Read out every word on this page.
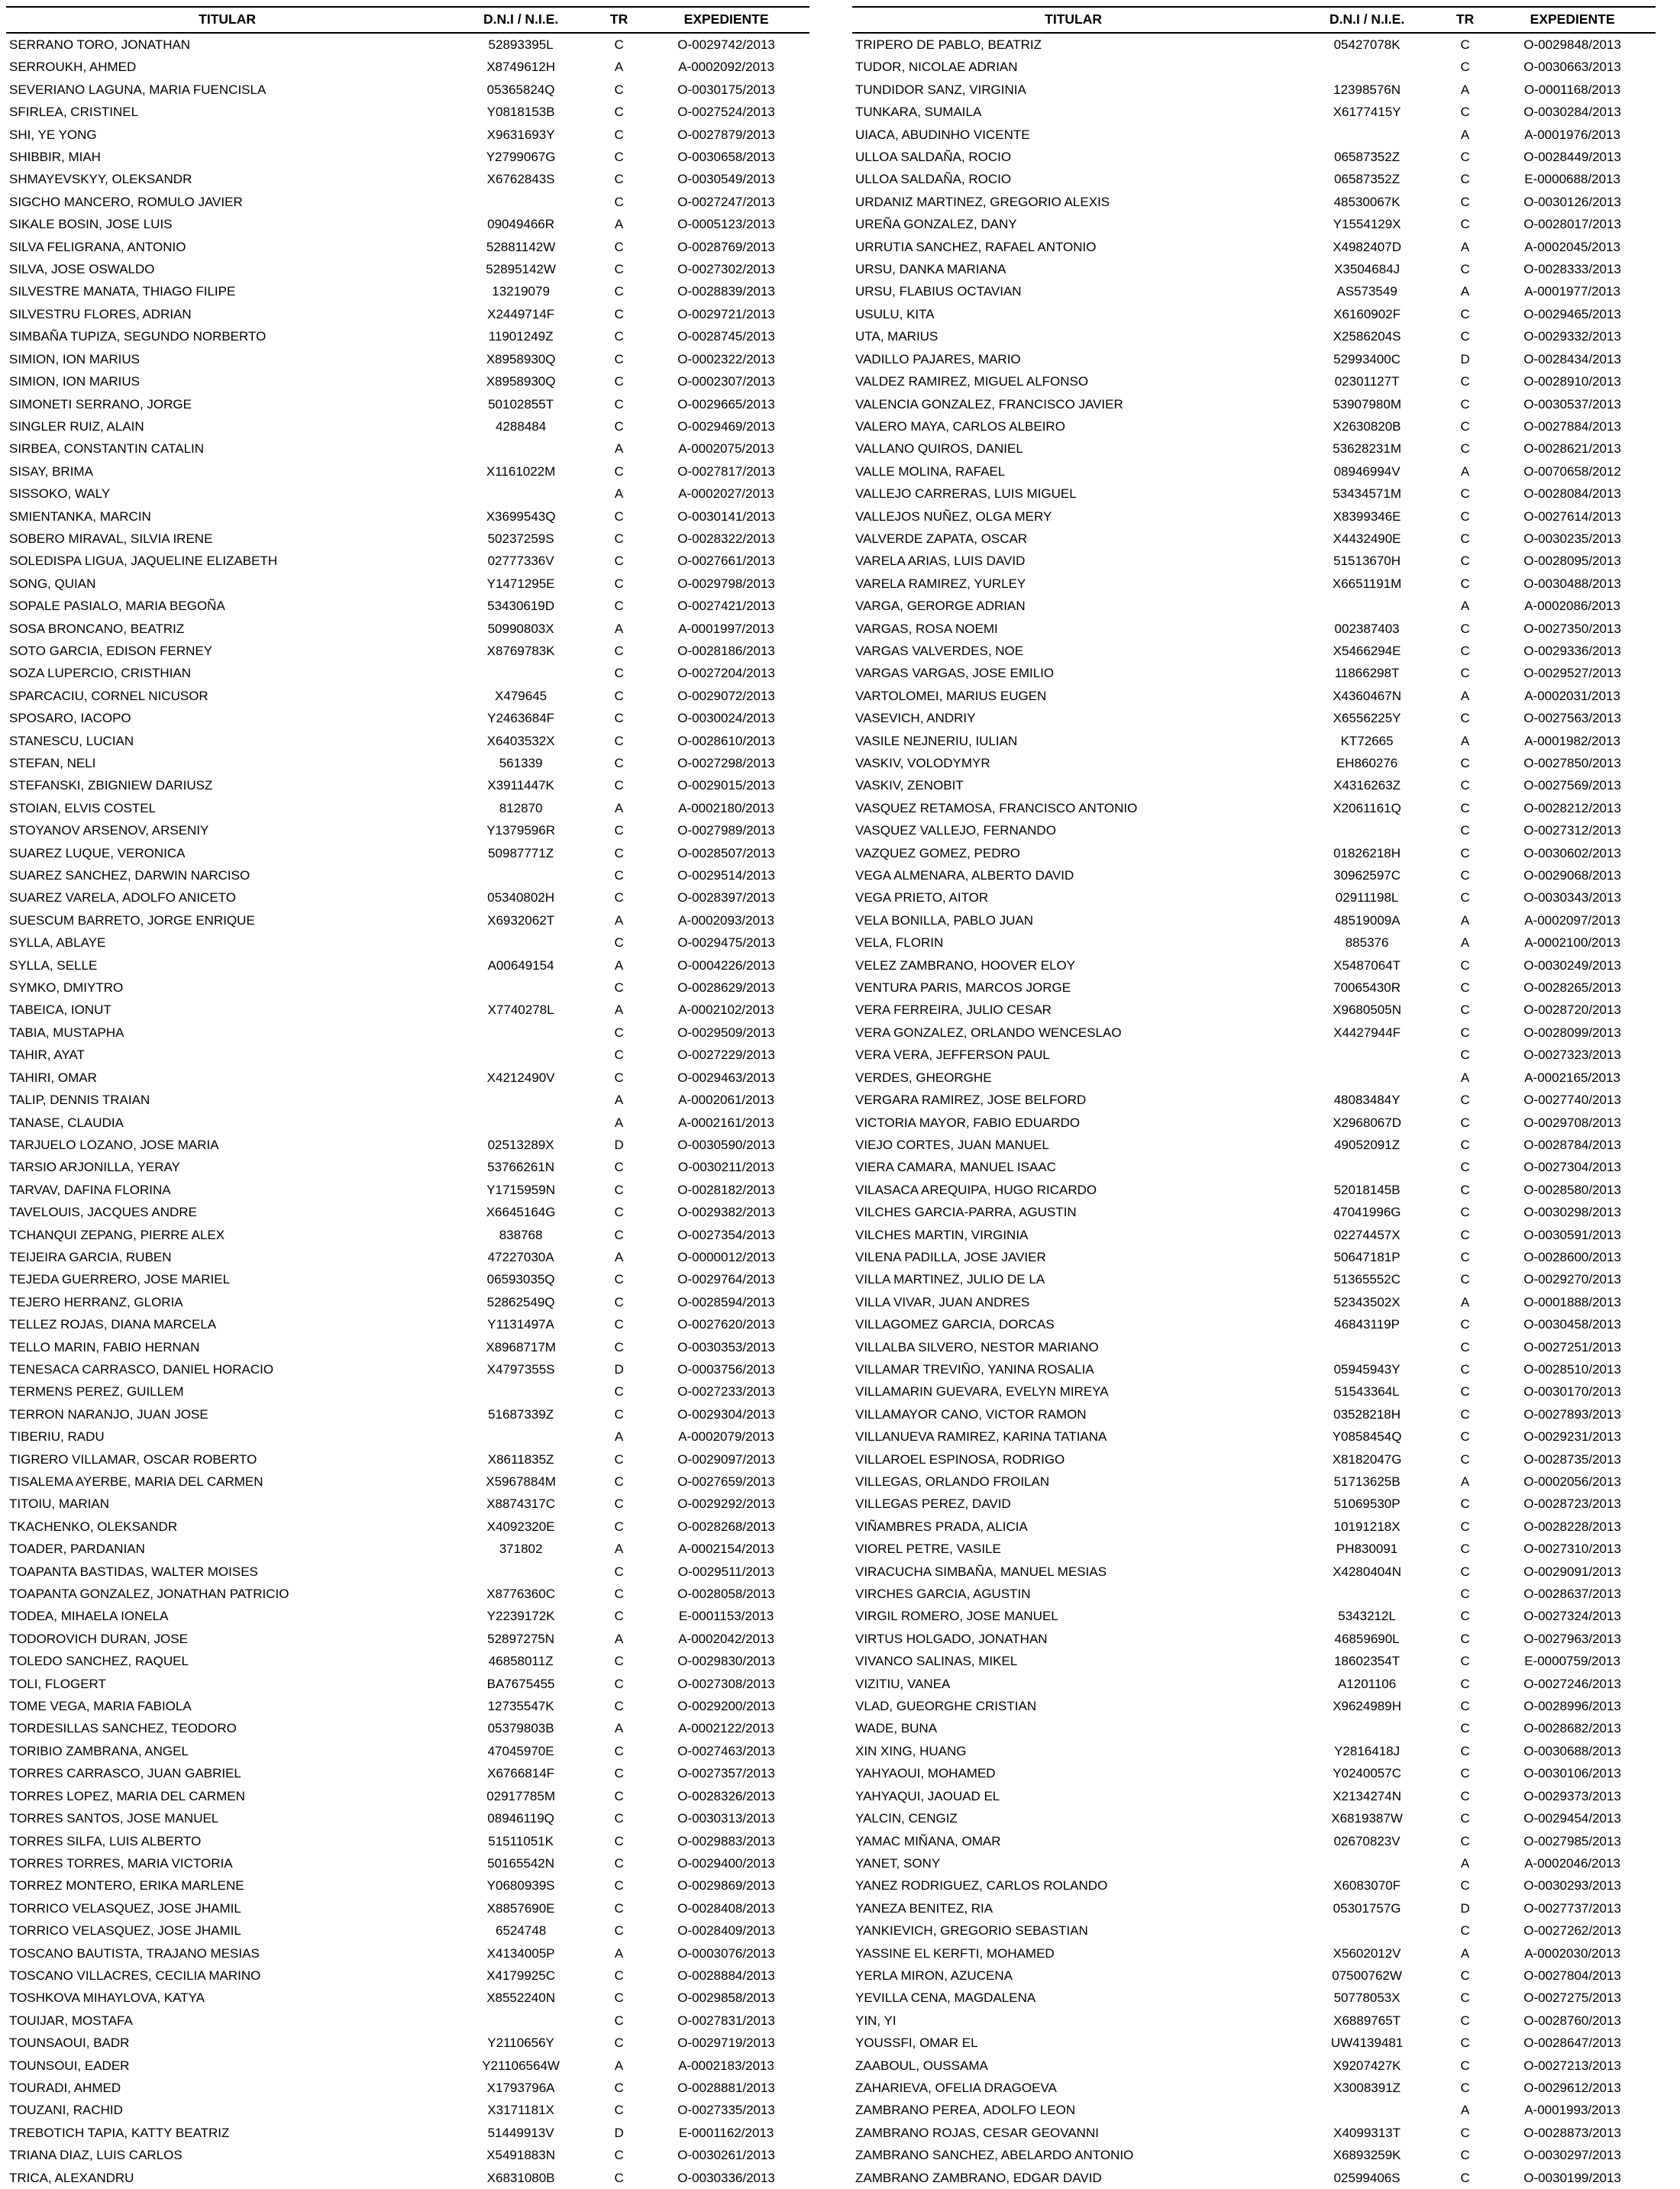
TITULAR	D.N.I / N.I.E.	TR	EXPEDIENTE
SERRANO TORO, JONATHAN	52893395L	C	O-0029742/2013
SERROUKH, AHMED	X8749612H	A	A-0002092/2013
SEVERIANO LAGUNA, MARIA FUENCISLA	05365824Q	C	O-0030175/2013
SFIRLEA, CRISTINEL	Y0818153B	C	O-0027524/2013
SHI, YE YONG	X9631693Y	C	O-0027879/2013
SHIBBIR, MIAH	Y2799067G	C	O-0030658/2013
SHMAYEVSKYY, OLEKSANDR	X6762843S	C	O-0030549/2013
SIGCHO MANCERO, ROMULO JAVIER		C	O-0027247/2013
SIKALE BOSIN, JOSE LUIS	09049466R	A	O-0005123/2013
SILVA FELIGRANA, ANTONIO	52881142W	C	O-0028769/2013
SILVA, JOSE OSWALDO	52895142W	C	O-0027302/2013
SILVESTRE MANATA, THIAGO FILIPE	13219079	C	O-0028839/2013
SILVESTRU FLORES, ADRIAN	X2449714F	C	O-0029721/2013
SIMBAÑA TUPIZA, SEGUNDO NORBERTO	11901249Z	C	O-0028745/2013
SIMION, ION MARIUS	X8958930Q	C	O-0002322/2013
SIMION, ION MARIUS	X8958930Q	C	O-0002307/2013
SIMONETI SERRANO, JORGE	50102855T	C	O-0029665/2013
SINGLER RUIZ, ALAIN	4288484	C	O-0029469/2013
SIRBEA, CONSTANTIN CATALIN		A	A-0002075/2013
SISAY, BRIMA	X1161022M	C	O-0027817/2013
SISSOKO, WALY		A	A-0002027/2013
SMIENTANKA, MARCIN	X3699543Q	C	O-0030141/2013
SOBERO MIRAVAL, SILVIA IRENE	50237259S	C	O-0028322/2013
SOLEDISPA LIGUA, JAQUELINE ELIZABETH	02777336V	C	O-0027661/2013
SONG, QUIAN	Y1471295E	C	O-0029798/2013
SOPALE PASIALO, MARIA BEGOÑA	53430619D	C	O-0027421/2013
SOSA BRONCANO, BEATRIZ	50990803X	A	A-0001997/2013
SOTO GARCIA, EDISON FERNEY	X8769783K	C	O-0028186/2013
SOZA LUPERCIO, CRISTHIAN		C	O-0027204/2013
SPARCACIU, CORNEL NICUSOR	X479645	C	O-0029072/2013
SPOSARO, IACOPO	Y2463684F	C	O-0030024/2013
STANESCU, LUCIAN	X6403532X	C	O-0028610/2013
STEFAN, NELI	561339	C	O-0027298/2013
STEFANSKI, ZBIGNIEW DARIUSZ	X3911447K	C	O-0029015/2013
STOIAN, ELVIS COSTEL	812870	A	A-0002180/2013
STOYANOV ARSENOV, ARSENIY	Y1379596R	C	O-0027989/2013
SUAREZ LUQUE, VERONICA	50987771Z	C	O-0028507/2013
SUAREZ SANCHEZ, DARWIN NARCISO		C	O-0029514/2013
SUAREZ VARELA, ADOLFO ANICETO	05340802H	C	O-0028397/2013
SUESCUM BARRETO, JORGE ENRIQUE	X6932062T	A	A-0002093/2013
SYLLA, ABLAYE		C	O-0029475/2013
SYLLA, SELLE	A00649154	A	O-0004226/2013
SYMKO, DMIYTRO		C	O-0028629/2013
TABEICA, IONUT	X7740278L	A	A-0002102/2013
TABIA, MUSTAPHA		C	O-0029509/2013
TAHIR, AYAT		C	O-0027229/2013
TAHIRI, OMAR	X4212490V	C	O-0029463/2013
TALIP, DENNIS TRAIAN		A	A-0002061/2013
TANASE, CLAUDIA		A	A-0002161/2013
TARJUELO LOZANO, JOSE MARIA	02513289X	D	O-0030590/2013
TARSIO ARJONILLA, YERAY	53766261N	C	O-0030211/2013
TARVAV, DAFINA FLORINA	Y1715959N	C	O-0028182/2013
TAVELOUIS, JACQUES ANDRE	X6645164G	C	O-0029382/2013
TCHANQUI ZEPANG, PIERRE ALEX	838768	C	O-0027354/2013
TEIJEIRA GARCIA, RUBEN	47227030A	A	O-0000012/2013
TEJEDA GUERRERO, JOSE MARIEL	06593035Q	C	O-0029764/2013
TEJERO HERRANZ, GLORIA	52862549Q	C	O-0028594/2013
TELLEZ ROJAS, DIANA MARCELA	Y1131497A	C	O-0027620/2013
TELLO MARIN, FABIO HERNAN	X8968717M	C	O-0030353/2013
TENESACA CARRASCO, DANIEL HORACIO	X4797355S	D	O-0003756/2013
TERMENS PEREZ, GUILLEM		C	O-0027233/2013
TERRON NARANJO, JUAN JOSE	51687339Z	C	O-0029304/2013
TIBERIU, RADU		A	A-0002079/2013
TIGRERO VILLAMAR, OSCAR ROBERTO	X8611835Z	C	O-0029097/2013
TISALEMA AYERBE, MARIA DEL CARMEN	X5967884M	C	O-0027659/2013
TITOIU, MARIAN	X8874317C	C	O-0029292/2013
TKACHENKO, OLEKSANDR	X4092320E	C	O-0028268/2013
TOADER, PARDANIAN	371802	A	A-0002154/2013
TOAPANTA BASTIDAS, WALTER MOISES		C	O-0029511/2013
TOAPANTA GONZALEZ, JONATHAN PATRICIO	X8776360C	C	O-0028058/2013
TODEA, MIHAELA IONELA	Y2239172K	C	E-0001153/2013
TODOROVICH DURAN, JOSE	52897275N	A	A-0002042/2013
TOLEDO SANCHEZ, RAQUEL	46858011Z	C	O-0029830/2013
TOLI, FLOGERT	BA7675455	C	O-0027308/2013
TOME VEGA, MARIA FABIOLA	12735547K	C	O-0029200/2013
TORDESILLAS SANCHEZ, TEODORO	05379803B	A	A-0002122/2013
TORIBIO ZAMBRANA, ANGEL	47045970E	C	O-0027463/2013
TORRES CARRASCO, JUAN GABRIEL	X6766814F	C	O-0027357/2013
TORRES LOPEZ, MARIA DEL CARMEN	02917785M	C	O-0028326/2013
TORRES SANTOS, JOSE MANUEL	08946119Q	C	O-0030313/2013
TORRES SILFA, LUIS ALBERTO	51511051K	C	O-0029883/2013
TORRES TORRES, MARIA VICTORIA	50165542N	C	O-0029400/2013
TORREZ MONTERO, ERIKA MARLENE	Y0680939S	C	O-0029869/2013
TORRICO VELASQUEZ, JOSE JHAMIL	X8857690E	C	O-0028408/2013
TORRICO VELASQUEZ, JOSE JHAMIL	6524748	C	O-0028409/2013
TOSCANO BAUTISTA, TRAJANO MESIAS	X4134005P	A	O-0003076/2013
TOSCANO VILLACRES, CECILIA MARINO	X4179925C	C	O-0028884/2013
TOSHKOVA MIHAYLOVA, KATYA	X8552240N	C	O-0029858/2013
TOUIJAR, MOSTAFA		C	O-0027831/2013
TOUNSAOUI, BADR	Y2110656Y	C	O-0029719/2013
TOUNSOUI, EADER	Y21106564W	A	A-0002183/2013
TOURADI, AHMED	X1793796A	C	O-0028881/2013
TOUZANI, RACHID	X3171181X	C	O-0027335/2013
TREBOTICH TAPIA, KATTY BEATRIZ	51449913V	D	E-0001162/2013
TRIANA DIAZ, LUIS CARLOS	X5491883N	C	O-0030261/2013
TRICA, ALEXANDRU	X6831080B	C	O-0030336/2013
TITULAR	D.N.I / N.I.E.	TR	EXPEDIENTE
TRIPERO DE PABLO, BEATRIZ	05427078K	C	O-0029848/2013
TUDOR, NICOLAE ADRIAN		C	O-0030663/2013
TUNDIDOR SANZ, VIRGINIA	12398576N	A	O-0001168/2013
TUNKARA, SUMAILA	X6177415Y	C	O-0030284/2013
UIACA, ABUDINHO VICENTE		A	A-0001976/2013
ULLOA SALDAÑA, ROCIO	06587352Z	C	O-0028449/2013
ULLOA SALDAÑA, ROCIO	06587352Z	C	E-0000688/2013
URDANIZ MARTINEZ, GREGORIO ALEXIS	48530067K	C	O-0030126/2013
UREÑA GONZALEZ, DANY	Y1554129X	C	O-0028017/2013
URRUTIA SANCHEZ, RAFAEL ANTONIO	X4982407D	A	A-0002045/2013
URSU, DANKA MARIANA	X3504684J	C	O-0028333/2013
URSU, FLABIUS OCTAVIAN	AS573549	A	A-0001977/2013
USULU, KITA	X6160902F	C	O-0029465/2013
UTA, MARIUS	X2586204S	C	O-0029332/2013
VADILLO PAJARES, MARIO	52993400C	D	O-0028434/2013
VALDEZ RAMIREZ, MIGUEL ALFONSO	02301127T	C	O-0028910/2013
VALENCIA GONZALEZ, FRANCISCO JAVIER	53907980M	C	O-0030537/2013
VALERO MAYA, CARLOS ALBEIRO	X2630820B	C	O-0027884/2013
VALLANO QUIROS, DANIEL	53628231M	C	O-0028621/2013
VALLE MOLINA, RAFAEL	08946994V	A	O-0070658/2012
VALLEJO CARRERAS, LUIS MIGUEL	53434571M	C	O-0028084/2013
VALLEJOS NUÑEZ, OLGA MERY	X8399346E	C	O-0027614/2013
VALVERDE ZAPATA, OSCAR	X4432490E	C	O-0030235/2013
VARELA ARIAS, LUIS DAVID	51513670H	C	O-0028095/2013
VARELA RAMIREZ, YURLEY	X6651191M	C	O-0030488/2013
VARGA, GERORGE ADRIAN		A	A-0002086/2013
VARGAS, ROSA NOEMI	002387403	C	O-0027350/2013
VARGAS VALVERDES, NOE	X5466294E	C	O-0029336/2013
VARGAS VARGAS, JOSE EMILIO	11866298T	C	O-0029527/2013
VARTOLOMEI, MARIUS EUGEN	X4360467N	A	A-0002031/2013
VASEVICH, ANDRIY	X6556225Y	C	O-0027563/2013
VASILE NEJNERIU, IULIAN	KT72665	A	A-0001982/2013
VASKIV, VOLODYMYR	EH860276	C	O-0027850/2013
VASKIV, ZENOBIT	X4316263Z	C	O-0027569/2013
VASQUEZ RETAMOSA, FRANCISCO ANTONIO	X2061161Q	C	O-0028212/2013
VASQUEZ VALLEJO, FERNANDO		C	O-0027312/2013
VAZQUEZ GOMEZ, PEDRO	01826218H	C	O-0030602/2013
VEGA ALMENARA, ALBERTO DAVID	30962597C	C	O-0029068/2013
VEGA PRIETO, AITOR	02911198L	C	O-0030343/2013
VELA BONILLA, PABLO JUAN	48519009A	A	A-0002097/2013
VELA, FLORIN	885376	A	A-0002100/2013
VELEZ ZAMBRANO, HOOVER ELOY	X5487064T	C	O-0030249/2013
VENTURA PARIS, MARCOS JORGE	70065430R	C	O-0028265/2013
VERA FERREIRA, JULIO CESAR	X9680505N	C	O-0028720/2013
VERA GONZALEZ, ORLANDO WENCESLAO	X4427944F	C	O-0028099/2013
VERA VERA, JEFFERSON PAUL		C	O-0027323/2013
VERDES, GHEORGHE		A	A-0002165/2013
VERGARA RAMIREZ, JOSE BELFORD	48083484Y	C	O-0027740/2013
VICTORIA MAYOR, FABIO EDUARDO	X2968067D	C	O-0029708/2013
VIEJO CORTES, JUAN MANUEL	49052091Z	C	O-0028784/2013
VIERA CAMARA, MANUEL ISAAC		C	O-0027304/2013
VILASACA AREQUIPA, HUGO RICARDO	52018145B	C	O-0028580/2013
VILCHES GARCIA-PARRA, AGUSTIN	47041996G	C	O-0030298/2013
VILCHES MARTIN, VIRGINIA	02274457X	C	O-0030591/2013
VILENA PADILLA, JOSE JAVIER	50647181P	C	O-0028600/2013
VILLA MARTINEZ, JULIO DE LA	51365552C	C	O-0029270/2013
VILLA VIVAR, JUAN ANDRES	52343502X	A	O-0001888/2013
VILLAGOMEZ GARCIA, DORCAS	46843119P	C	O-0030458/2013
VILLALBA SILVERO, NESTOR MARIANO		C	O-0027251/2013
VILLAMAR TREVIÑO, YANINA ROSALIA	05945943Y	C	O-0028510/2013
VILLAMARIN GUEVARA, EVELYN MIREYA	51543364L	C	O-0030170/2013
VILLAMAYOR CANO, VICTOR RAMON	03528218H	C	O-0027893/2013
VILLANUEVA RAMIREZ, KARINA TATIANA	Y0858454Q	C	O-0029231/2013
VILLAROEL ESPINOSA, RODRIGO	X8182047G	C	O-0028735/2013
VILLEGAS, ORLANDO FROILAN	51713625B	A	O-0002056/2013
VILLEGAS PEREZ, DAVID	51069530P	C	O-0028723/2013
VIÑAMBRES PRADA, ALICIA	10191218X	C	O-0028228/2013
VIOREL PETRE, VASILE	PH830091	C	O-0027310/2013
VIRACUCHA SIMBAÑA, MANUEL MESIAS	X4280404N	C	O-0029091/2013
VIRCHES GARCIA, AGUSTIN		C	O-0028637/2013
VIRGIL ROMERO, JOSE MANUEL	5343212L	C	O-0027324/2013
VIRTUS HOLGADO, JONATHAN	46859690L	C	O-0027963/2013
VIVANCO SALINAS, MIKEL	18602354T	C	E-0000759/2013
VIZITIU, VANEA	A1201106	C	O-0027246/2013
VLAD, GUEORGHE CRISTIAN	X9624989H	C	O-0028996/2013
WADE, BUNA		C	O-0028682/2013
XIN XING, HUANG	Y2816418J	C	O-0030688/2013
YAHYAOUI, MOHAMED	Y0240057C	C	O-0030106/2013
YAHYAQUI, JAOUAD EL	X2134274N	C	O-0029373/2013
YALCIN, CENGIZ	X6819387W	C	O-0029454/2013
YAMAC MIÑANA, OMAR	02670823V	C	O-0027985/2013
YANET, SONY		A	A-0002046/2013
YANEZ RODRIGUEZ, CARLOS ROLANDO	X6083070F	C	O-0030293/2013
YANEZA BENITEZ, RIA	05301757G	D	O-0027737/2013
YANKIEVICH, GREGORIO SEBASTIAN		C	O-0027262/2013
YASSINE EL KERFTI, MOHAMED	X5602012V	A	A-0002030/2013
YERLA MIRON, AZUCENA	07500762W	C	O-0027804/2013
YEVILLA CENA, MAGDALENA	50778053X	C	O-0027275/2013
YIN, YI	X6889765T	C	O-0028760/2013
YOUSSFI, OMAR EL	UW4139481	C	O-0028647/2013
ZAABOUL, OUSSAMA	X9207427K	C	O-0027213/2013
ZAHARIEVA, OFELIA DRAGOEVA	X3008391Z	C	O-0029612/2013
ZAMBRANO PEREA, ADOLFO LEON		A	A-0001993/2013
ZAMBRANO ROJAS, CESAR GEOVANNI	X4099313T	C	O-0028873/2013
ZAMBRANO SANCHEZ, ABELARDO ANTONIO	X6893259K	C	O-0030297/2013
ZAMBRANO ZAMBRANO, EDGAR DAVID	02599406S	C	O-0030199/2013
